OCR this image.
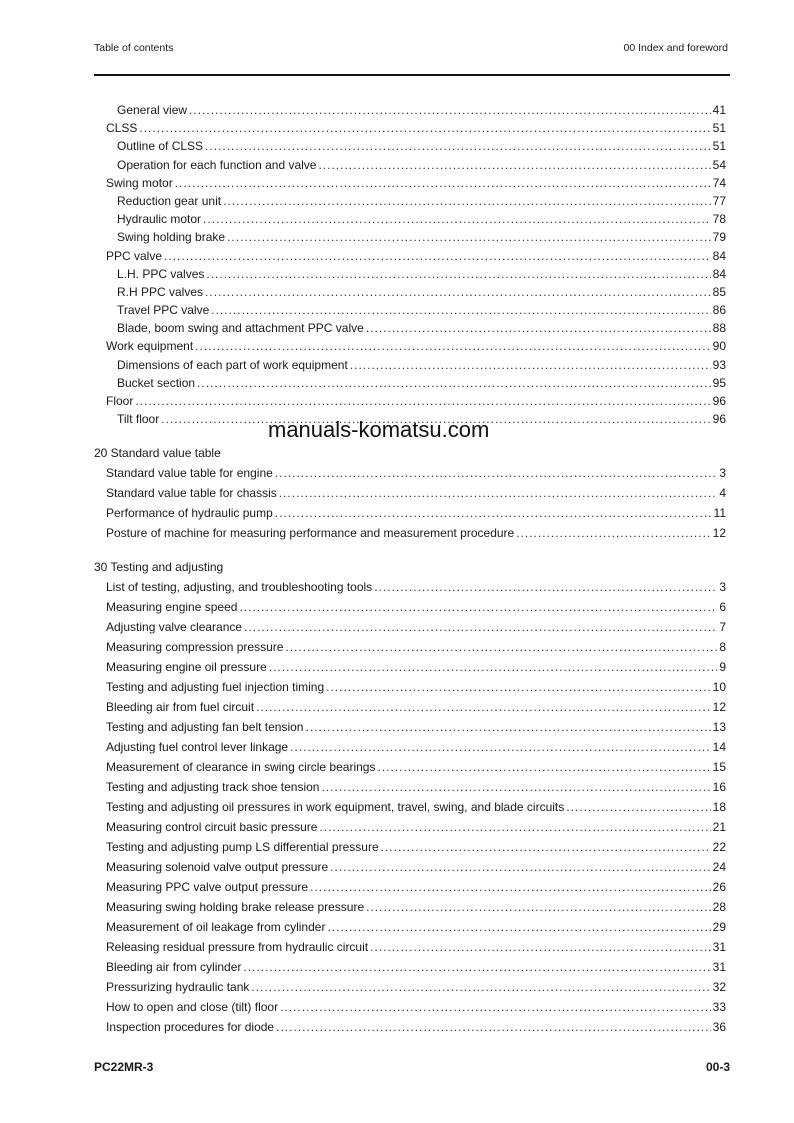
Table of contents	00 Index and foreword
General view .....	41
CLSS .....	51
Outline of CLSS .....	51
Operation for each function and valve .....	54
Swing motor .....	74
Reduction gear unit .....	77
Hydraulic motor .....	78
Swing holding brake .....	79
PPC valve .....	84
L.H. PPC valves .....	84
R.H PPC valves .....	85
Travel PPC valve .....	86
Blade, boom swing and attachment PPC valve .....	88
Work equipment .....	90
Dimensions of each part of work equipment .....	93
Bucket section .....	95
Floor .....	96
Tilt floor .....	96
manuals-komatsu.com
20 Standard value table
Standard value table for engine .....	3
Standard value table for chassis .....	4
Performance of hydraulic pump .....	11
Posture of machine for measuring performance and measurement procedure .....	12
30 Testing and adjusting
List of testing, adjusting, and troubleshooting tools .....	3
Measuring engine speed .....	6
Adjusting valve clearance .....	7
Measuring compression pressure .....	8
Measuring engine oil pressure .....	9
Testing and adjusting fuel injection timing .....	10
Bleeding air from fuel circuit .....	12
Testing and adjusting fan belt tension .....	13
Adjusting fuel control lever linkage .....	14
Measurement of clearance in swing circle bearings .....	15
Testing and adjusting track shoe tension .....	16
Testing and adjusting oil pressures in work equipment, travel, swing, and blade circuits .....	18
Measuring control circuit basic pressure .....	21
Testing and adjusting pump LS differential pressure .....	22
Measuring solenoid valve output pressure .....	24
Measuring PPC valve output pressure .....	26
Measuring swing holding brake release pressure .....	28
Measurement of oil leakage from cylinder .....	29
Releasing residual pressure from hydraulic circuit .....	31
Bleeding air from cylinder .....	31
Pressurizing hydraulic tank .....	32
How to open and close (tilt) floor .....	33
Inspection procedures for diode .....	36
PC22MR-3	00-3
